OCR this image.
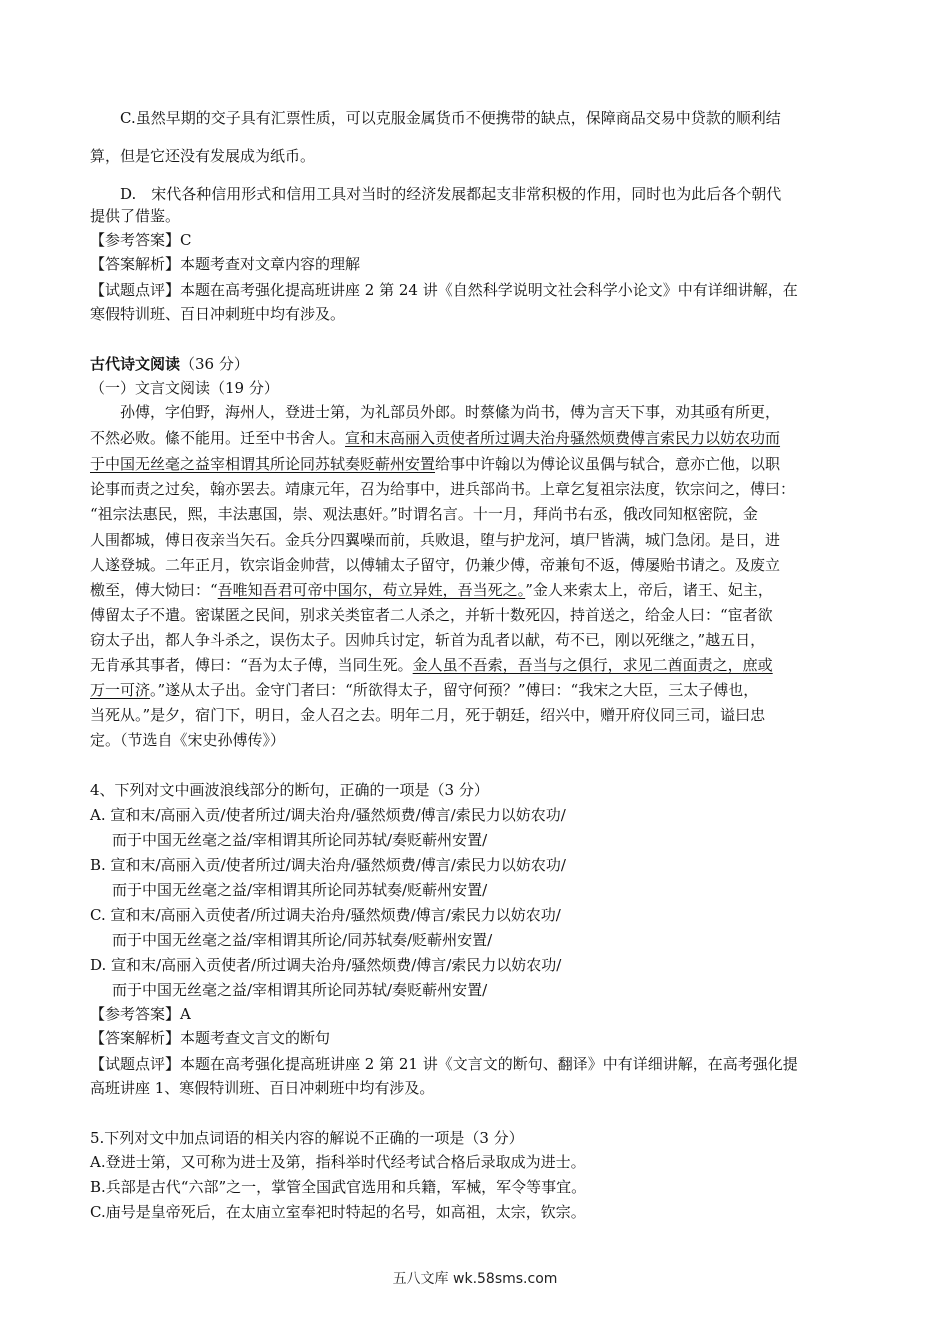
C.虽然早期的交子具有汇票性质，可以克服金属货币不便携带的缺点，保障商品交易中贷款的顺利结
算，但是它还没有发展成为纸币。
D.　宋代各种信用形式和信用工具对当时的经济发展都起支非常积极的作用，同时也为此后各个朝代
提供了借鉴。
【参考答案】C
【答案解析】本题考查对文章内容的理解
【试题点评】本题在高考强化提高班讲座 2 第 24 讲《自然科学说明文社会科学小论文》中有详细讲解，在
寒假特训班、百日冲刺班中均有涉及。
古代诗文阅读（36 分）
（一）文言文阅读（19 分）
孙傅，字伯野，海州人，登进士第，为礼部员外郎。时蔡絛为尚书，傅为言天下事，劝其亟有所更，
不然必败。絛不能用。迁至中书舍人。宣和末高丽入贡使者所过调夫治舟骚然烦费傅言索民力以妨农功而
于中国无丝毫之益宰相谓其所论同苏轼奏贬蕲州安置给事中许翰以为傅论议虽偶与轼合，意亦亡他，以职
论事而责之过矣，翰亦罢去。靖康元年，召为给事中，进兵部尚书。上章乞复祖宗法度，钦宗问之，傅曰：
“祖宗法惠民，熙，丰法惠国，崇、观法惠奸。”时谓名言。十一月，拜尚书右丞，俄改同知枢密院，金
人围都城，傅日夜亲当矢石。金兵分四翼噪而前，兵败退，堕与护龙河，填尸皆满，城门急闭。是日，进
人遂登城。二年正月，钦宗诣金帅营，以傅辅太子留守，仍兼少傅，帝兼旬不返，傅屡贻书请之。及废立
檄至，傅大恸曰：“吾唯知吾君可帝中国尔，苟立异姓，吾当死之。”金人来索太上，帝后，诸王、妃主，
傅留太子不遣。密谋匿之民间，别求关类宦者二人杀之，并斩十数死囚，持首送之，给金人曰：“宦者欲
窃太子出，都人争斗杀之，误伤太子。因帅兵讨定，斩首为乱者以献，苟不已，刚以死继之，”越五日，
无肯承其事者，傅曰：“吾为太子傅，当同生死。金人虽不吾索，吾当与之俱行，求见二酋面责之，庶或
万一可济。”遂从太子出。金守门者曰：“所欲得太子，留守何预？”傅曰：“我宋之大臣，三太子傅也，
当死从。”是夕，宿门下，明日，金人召之去。明年二月，死于朝廷，绍兴中，赠开府仪同三司，谥曰忠
定。（节选自《宋史孙傅传》）
4、下列对文中画波浪线部分的断句，正确的一项是（3 分）
A. 宣和末/高丽入贡/使者所过/调夫治舟/骚然烦费/傅言/索民力以妨农功/
而于中国无丝毫之益/宰相谓其所论同苏轼/奏贬蕲州安置/
B. 宣和末/高丽入贡/使者所过/调夫治舟/骚然烦费/傅言/索民力以妨农功/
而于中国无丝毫之益/宰相谓其所论同苏轼奏/贬蕲州安置/
C. 宣和末/高丽入贡使者/所过调夫治舟/骚然烦费/傅言/索民力以妨农功/
而于中国无丝毫之益/宰相谓其所论/同苏轼奏/贬蕲州安置/
D. 宣和末/高丽入贡使者/所过调夫治舟/骚然烦费/傅言/索民力以妨农功/
而于中国无丝毫之益/宰相谓其所论同苏轼/奏贬蕲州安置/
【参考答案】A
【答案解析】本题考查文言文的断句
【试题点评】本题在高考强化提高班讲座 2 第 21 讲《文言文的断句、翻译》中有详细讲解，在高考强化提
高班讲座 1、寒假特训班、百日冲刺班中均有涉及。
5.下列对文中加点词语的相关内容的解说不正确的一项是（3 分）
A.登进士第，又可称为进士及第，指科举时代经考试合格后录取成为进士。
B.兵部是古代“六部”之一，掌管全国武官选用和兵籍，军械，军令等事宜。
C.庙号是皇帝死后，在太庙立室奉祀时特起的名号，如高祖，太宗，钦宗。
五八文库 wk.58sms.com
